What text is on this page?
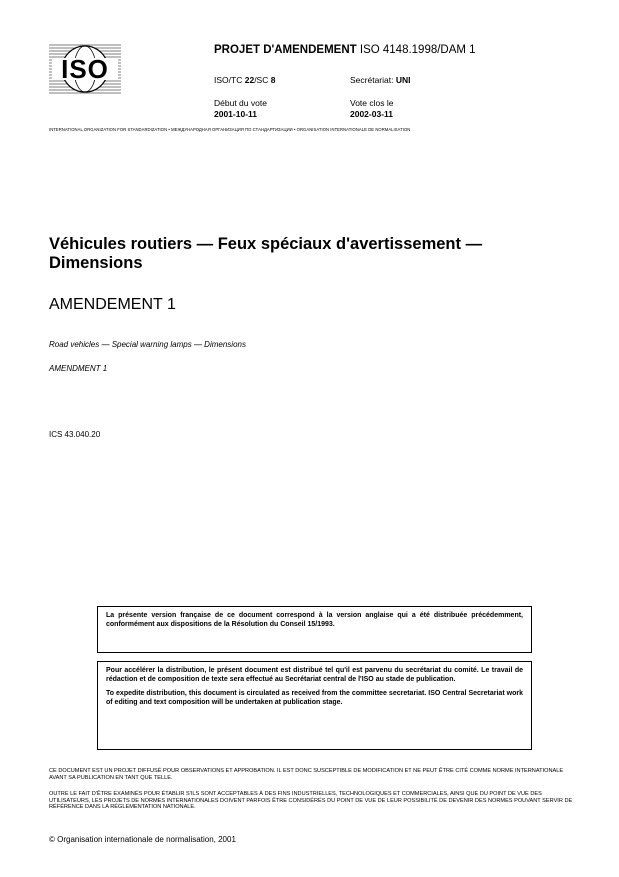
ISO
PROJET D'AMENDEMENT ISO 4148.1998/DAM 1
ISO/TC 22/SC 8	Secrétariat: UNI
Début du vote
2001-10-11
Vote clos le
2002-03-11
INTERNATIONAL ORGANIZATION FOR STANDARDIZATION • МЕЖДУНАРОДНАЯ ОРГАНИЗАЦИЯ ПО СТАНДАРТИЗАЦИИ • ORGANISATION INTERNATIONALE DE NORMALISATION
Véhicules routiers — Feux spéciaux d'avertissement —
Dimensions
AMENDEMENT 1
Road vehicles — Special warning lamps — Dimensions
AMENDMENT 1
ICS 43.040.20

La présente version française de ce document correspond à la version anglaise qui a été distribuée précédemment, conformément aux dispositions de la Résolution du Conseil 15/1993.

Pour accélérer la distribution, le présent document est distribué tel qu'il est parvenu du secrétariat du comité. Le travail de rédaction et de composition de texte sera effectué au Secrétariat central de l'ISO au stade de publication.

To expedite distribution, this document is circulated as received from the committee secretariat. ISO Central Secretariat work of editing and text composition will be undertaken at publication stage.

CE DOCUMENT EST UN PROJET DIFFUSÉ POUR OBSERVATIONS ET APPROBATION. IL EST DONC SUSCEPTIBLE DE MODIFICATION ET NE PEUT ÊTRE CITÉ COMME NORME INTERNATIONALE AVANT SA PUBLICATION EN TANT QUE TELLE.
OUTRE LE FAIT D'ÊTRE EXAMINÉS POUR ÉTABLIR S'ILS SONT ACCEPTABLES À DES FINS INDUSTRIELLES, TECHNOLOGIQUES ET COMMERCIALES, AINSI QUE DU POINT DE VUE DES UTILISATEURS, LES PROJETS DE NORMES INTERNATIONALES DOIVENT PARFOIS ÊTRE CONSIDÉRÉS DU POINT DE VUE DE LEUR POSSIBILITÉ DE DEVENIR DES NORMES POUVANT SERVIR DE RÉFÉRENCE DANS LA RÉGLEMENTATION NATIONALE.
© Organisation internationale de normalisation, 2001
